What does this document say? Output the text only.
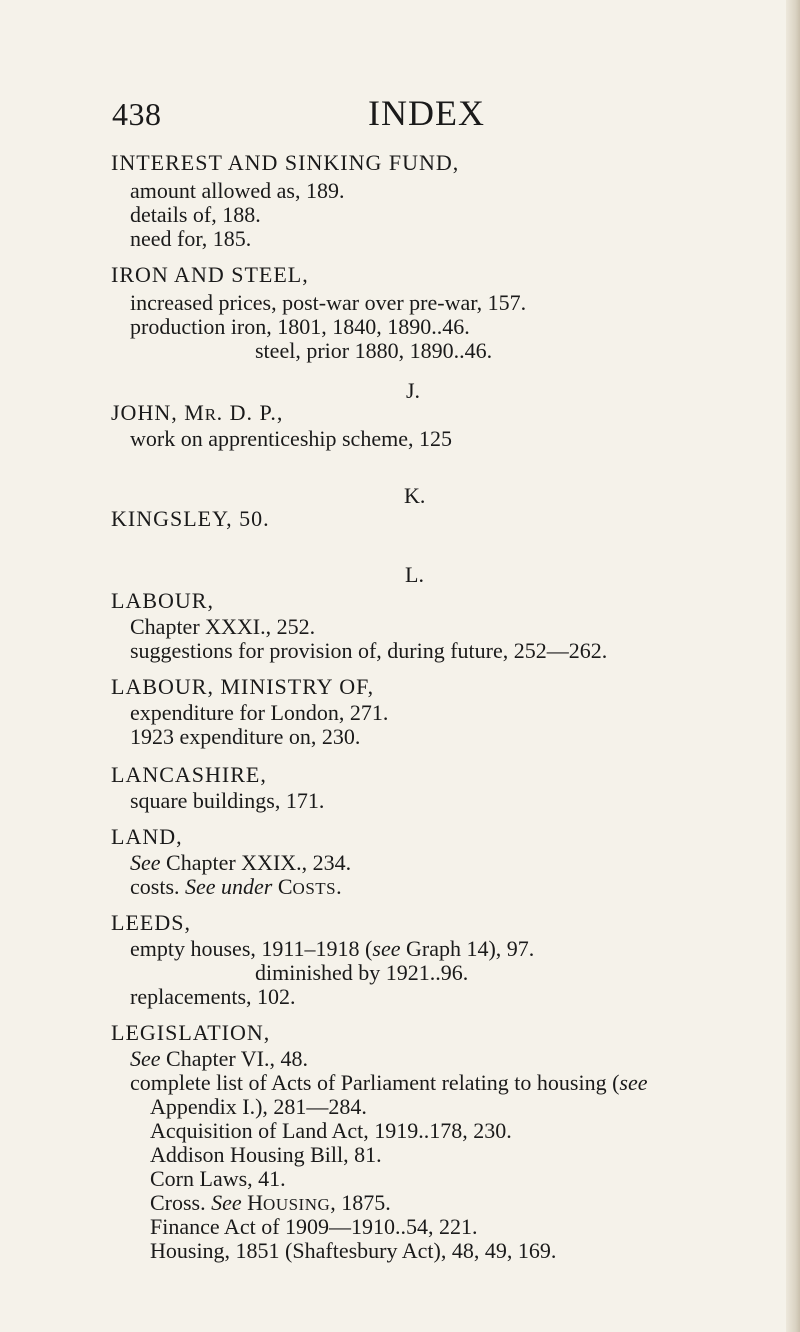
438	INDEX
INTEREST AND SINKING FUND,
amount allowed as, 189.
details of, 188.
need for, 185.
IRON AND STEEL,
increased prices, post-war over pre-war, 157.
production iron, 1801, 1840, 1890..46.
steel, prior 1880, 1890..46.
J.
JOHN, MR. D. P.,
work on apprenticeship scheme, 125
K.
KINGSLEY, 50.
L.
LABOUR,
Chapter XXXI., 252.
suggestions for provision of, during future, 252—262.
LABOUR, MINISTRY OF,
expenditure for London, 271.
1923 expenditure on, 230.
LANCASHIRE,
square buildings, 171.
LAND,
See Chapter XXIX., 234.
costs. See under COSTS.
LEEDS,
empty houses, 1911–1918 (see Graph 14), 97.
diminished by 1921..96.
replacements, 102.
LEGISLATION,
See Chapter VI., 48.
complete list of Acts of Parliament relating to housing (see
Appendix I.), 281—284.
Acquisition of Land Act, 1919..178, 230.
Addison Housing Bill, 81.
Corn Laws, 41.
Cross. See HOUSING, 1875.
Finance Act of 1909—1910..54, 221.
Housing, 1851 (Shaftesbury Act), 48, 49, 169.
